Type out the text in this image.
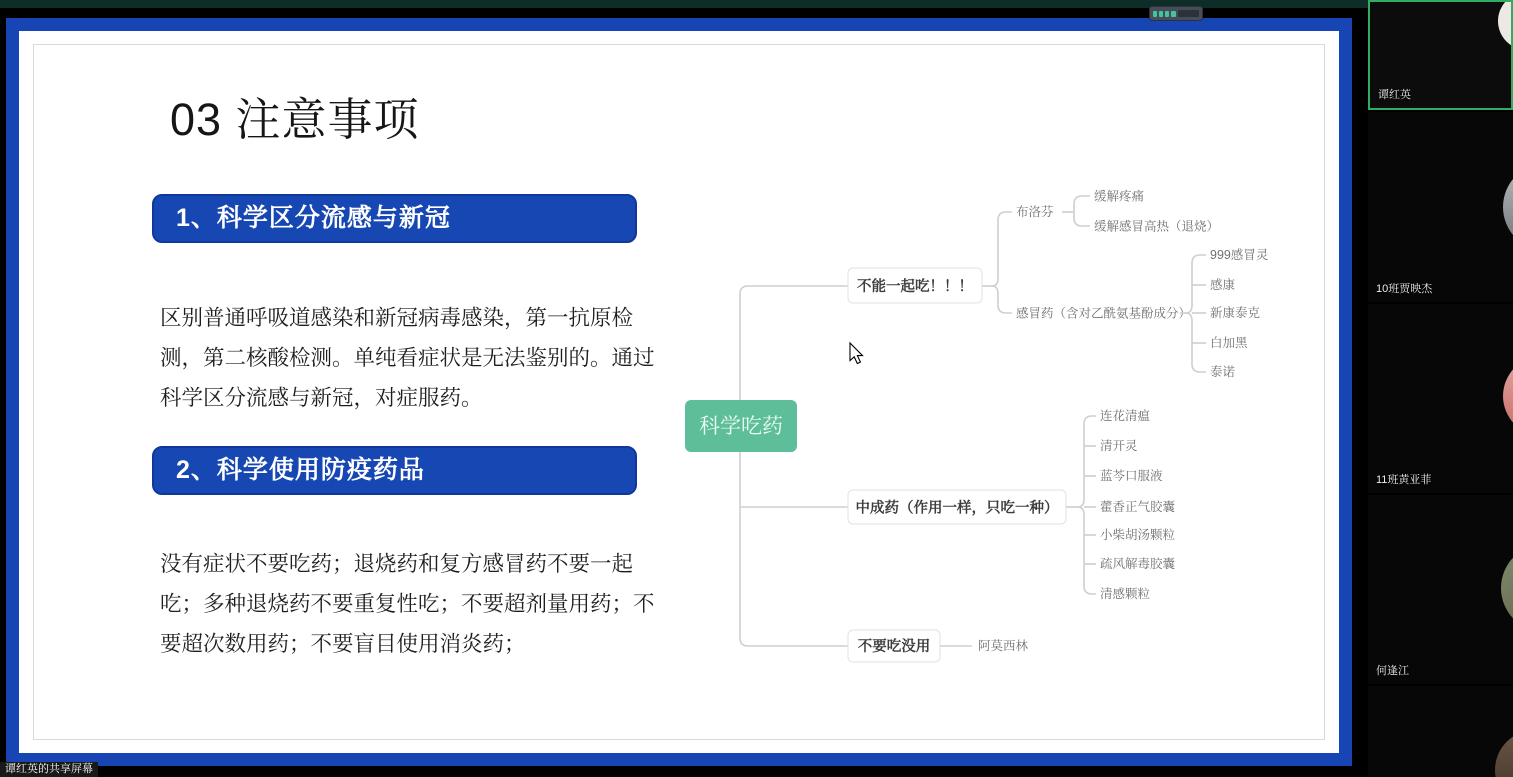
03 注意事项
1、科学区分流感与新冠
区别普通呼吸道感染和新冠病毒感染，第一抗原检测，第二核酸检测。单纯看症状是无法鉴别的。通过科学区分流感与新冠，对症服药。
2、科学使用防疫药品
没有症状不要吃药；退烧药和复方感冒药不要一起吃；多种退烧药不要重复性吃；不要超剂量用药；不要超次数用药；不要盲目使用消炎药；
科学吃药
不能一起吃！！！
布洛芬
缓解疼痛
缓解感冒高热（退烧）
感冒药（含对乙酰氨基酚成分）
999感冒灵
感康
新康泰克
白加黑
泰诺
中成药（作用一样，只吃一种）
连花清瘟
清开灵
蓝芩口服液
藿香正气胶囊
小柴胡汤颗粒
疏风解毒胶囊
清感颗粒
不要吃没用	阿莫西林
谭红英
10班贾映杰
11班黄亚菲
何逢江
谭红英的共享屏幕
